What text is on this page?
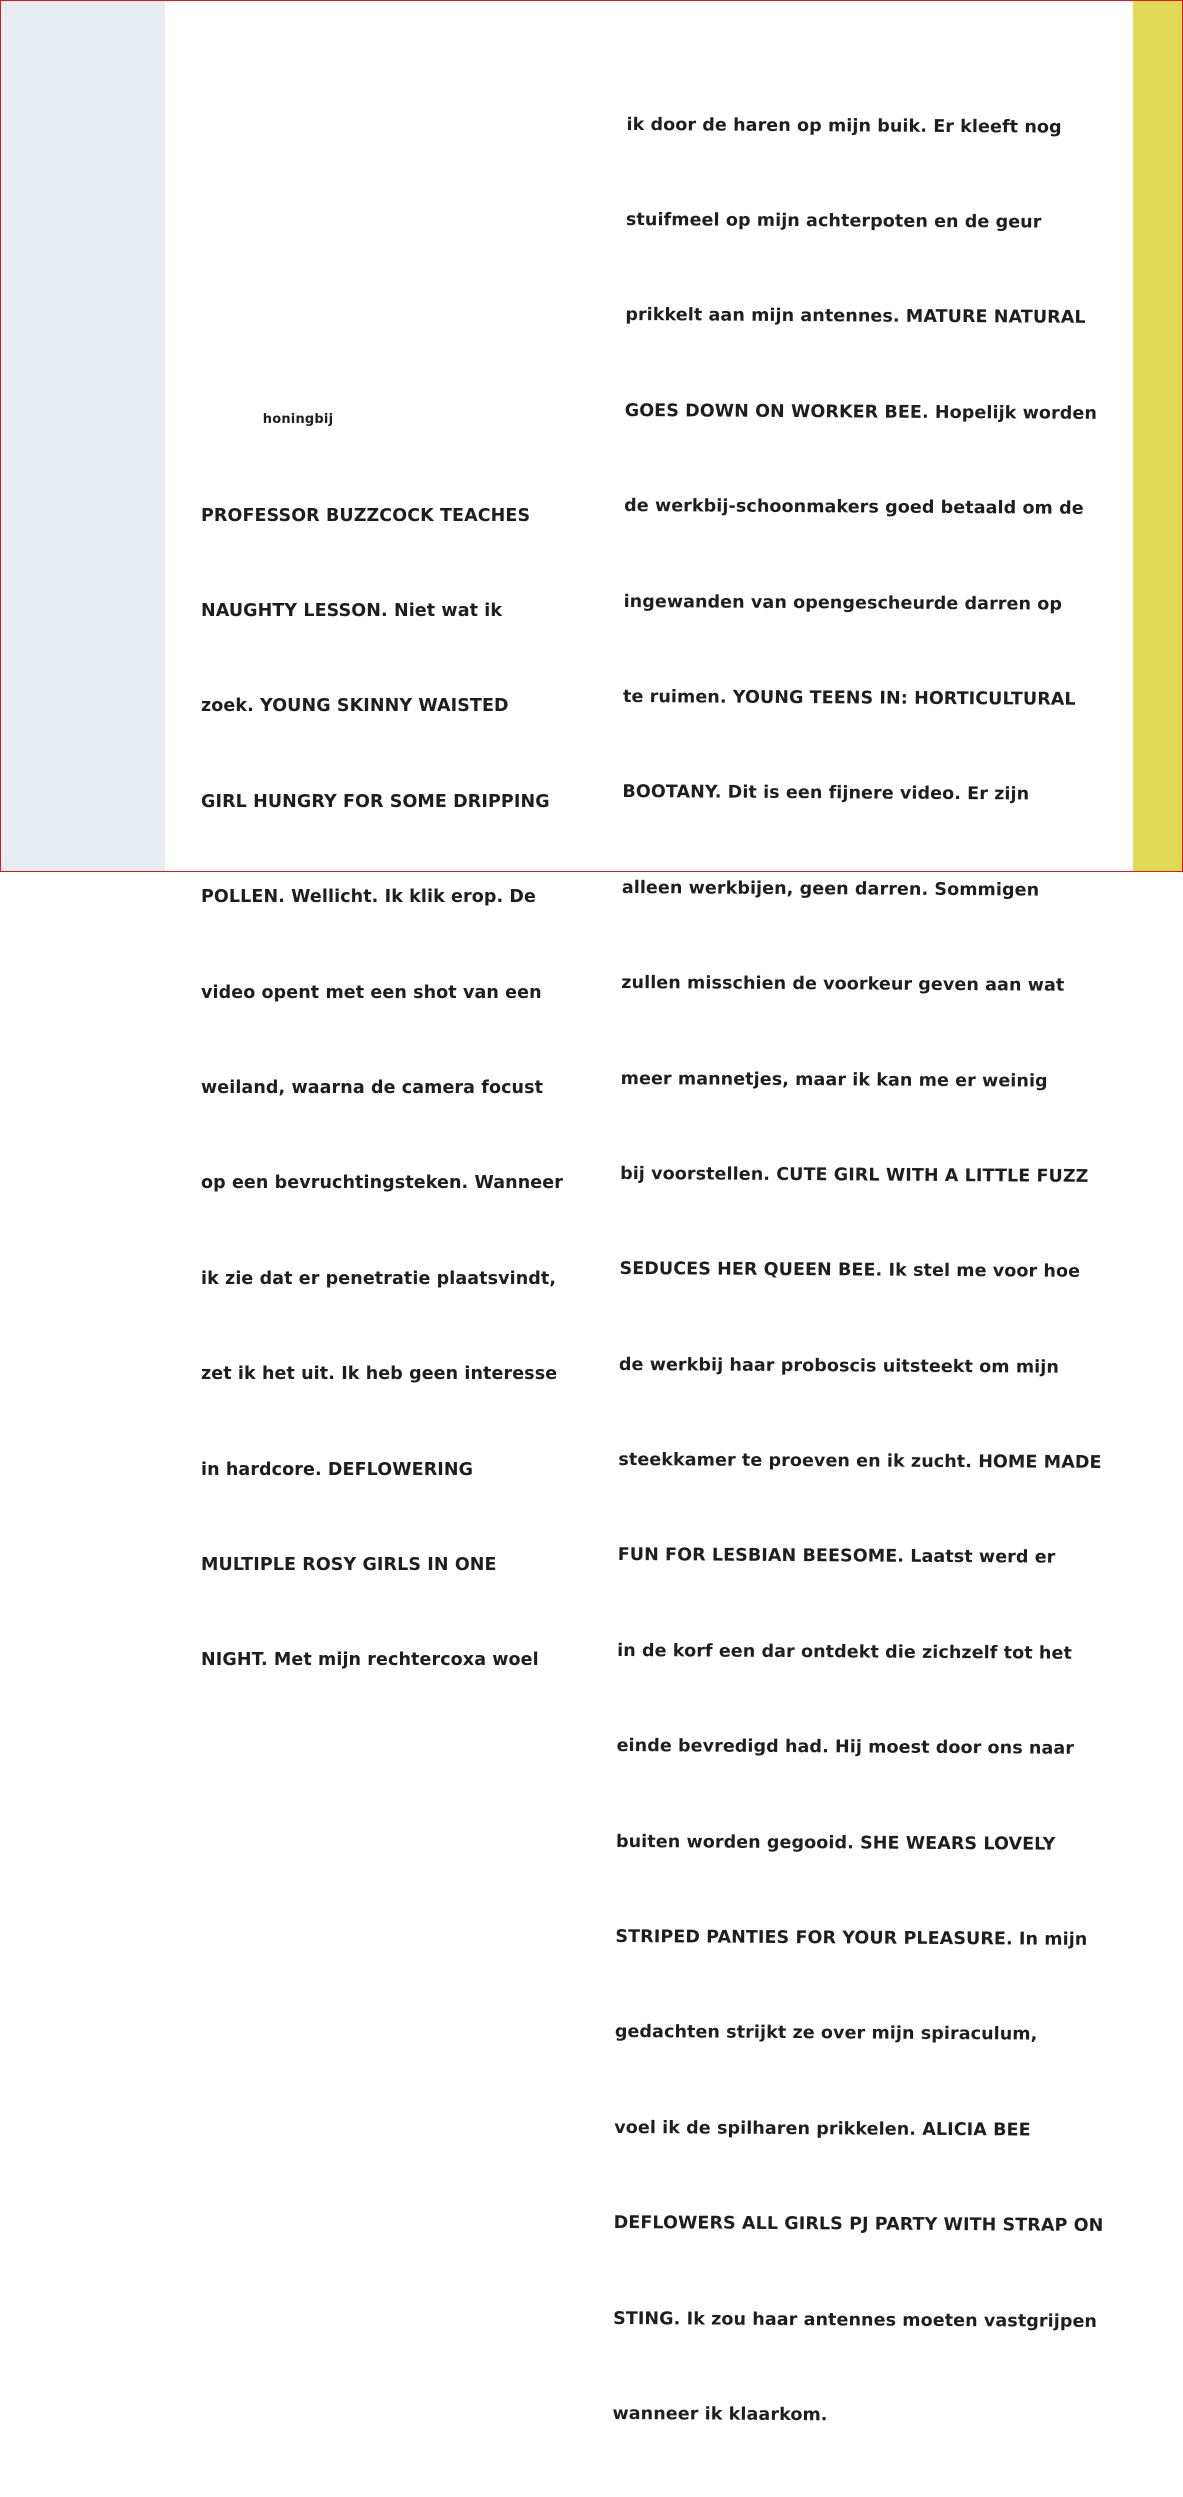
honingbij

PROFESSOR BUZZCOCK TEACHES

NAUGHTY LESSON. Niet wat ik

zoek. YOUNG SKINNY WAISTED

GIRL HUNGRY FOR SOME DRIPPING

POLLEN. Wellicht. Ik klik erop. De

video opent met een shot van een

weiland, waarna de camera focust

op een bevruchtingsteken. Wanneer

ik zie dat er penetratie plaatsvindt,

zet ik het uit. Ik heb geen interesse

in hardcore. DEFLOWERING

MULTIPLE ROSY GIRLS IN ONE

NIGHT. Met mijn rechtercoxa woel

ik door de haren op mijn buik. Er kleeft nog

stuifmeel op mijn achterpoten en de geur

prikkelt aan mijn antennes. MATURE NATURAL

GOES DOWN ON WORKER BEE. Hopelijk worden

de werkbij-schoonmakers goed betaald om de

ingewanden van opengescheurde darren op

te ruimen. YOUNG TEENS IN: HORTICULTURAL

BOOTANY. Dit is een fijnere video. Er zijn

alleen werkbijen, geen darren. Sommigen

zullen misschien de voorkeur geven aan wat

meer mannetjes, maar ik kan me er weinig

bij voorstellen. CUTE GIRL WITH A LITTLE FUZZ

SEDUCES HER QUEEN BEE. Ik stel me voor hoe

de werkbij haar proboscis uitsteekt om mijn

steekkamer te proeven en ik zucht. HOME MADE

FUN FOR LESBIAN BEESOME. Laatst werd er

in de korf een dar ontdekt die zichzelf tot het

einde bevredigd had. Hij moest door ons naar

buiten worden gegooid. SHE WEARS LOVELY

STRIPED PANTIES FOR YOUR PLEASURE. In mijn

gedachten strijkt ze over mijn spiraculum,

voel ik de spilharen prikkelen. ALICIA BEE

DEFLOWERS ALL GIRLS PJ PARTY WITH STRAP ON

STING. Ik zou haar antennes moeten vastgrijpen

wanneer ik klaarkom.
